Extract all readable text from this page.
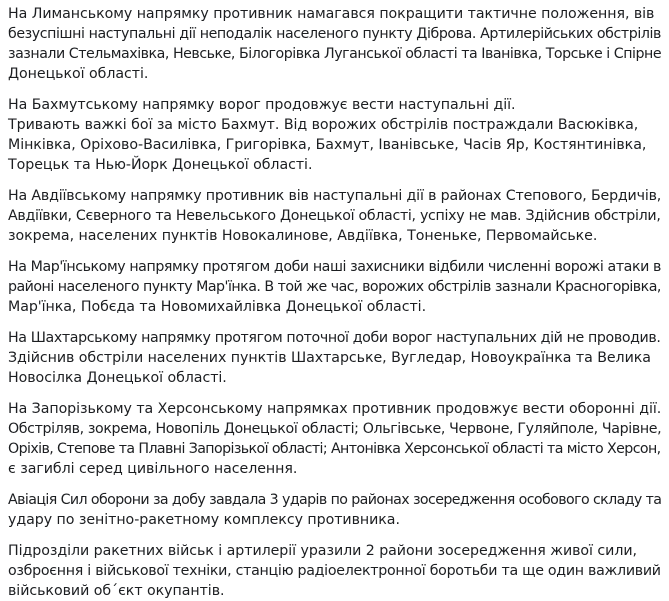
На Лиманському напрямку противник намагався покращити тактичне положення, вів
безуспішні наступальні дії неподалік населеного пункту Діброва. Артилерійських обстрілів
зазнали Стельмахівка, Невське, Білогорівка Луганської області та Іванівка, Торське і Спірне
Донецької області.

На Бахмутському напрямку ворог продовжує вести наступальні дії.
Тривають важкі бої за місто Бахмут. Від ворожих обстрілів постраждали Васюківка,
Мінківка, Оріхово-Василівка, Григорівка, Бахмут, Іванівське, Часів Яр, Костянтинівка,
Торецьк та Нью-Йорк Донецької області.

На Авдіївському напрямку противник вів наступальні дії в районах Степового, Бердичів,
Авдіївки, Сєверного та Невельського Донецької області, успіху не мав. Здійснив обстріли,
зокрема, населених пунктів Новокалинове, Авдіївка, Тоненьке, Первомайське.

На Мар'їнському напрямку протягом доби наші захисники відбили численні ворожі атаки в
районі населеного пункту Мар'їнка. В той же час, ворожих обстрілів зазнали Красногорівка,
Мар'їнка, Побєда та Новомихайлівка Донецької області.

На Шахтарському напрямку протягом поточної доби ворог наступальних дій не проводив.
Здійснив обстріли населених пунктів Шахтарське, Вугледар, Новоукраїнка та Велика
Новосілка Донецької області.

На Запорізькому та Херсонському напрямках противник продовжує вести оборонні дії.
Обстріляв, зокрема, Новопіль Донецької області; Ольгівське, Червоне, Гуляйполе, Чарівне,
Оріхів, Степове та Плавні Запорізької області; Антонівка Херсонської області та місто Херсон,
є загиблі серед цивільного населення.

Авіація Сил оборони за добу завдала 3 ударів по районах зосередження особового складу та
удару по зенітно-ракетному комплексу противника.

Підрозділи ракетних військ і артилерії уразили 2 райони зосередження живої сили,
озброєння і військової техніки, станцію радіоелектронної боротьби та ще один важливий
військовий об´єкт окупантів.
